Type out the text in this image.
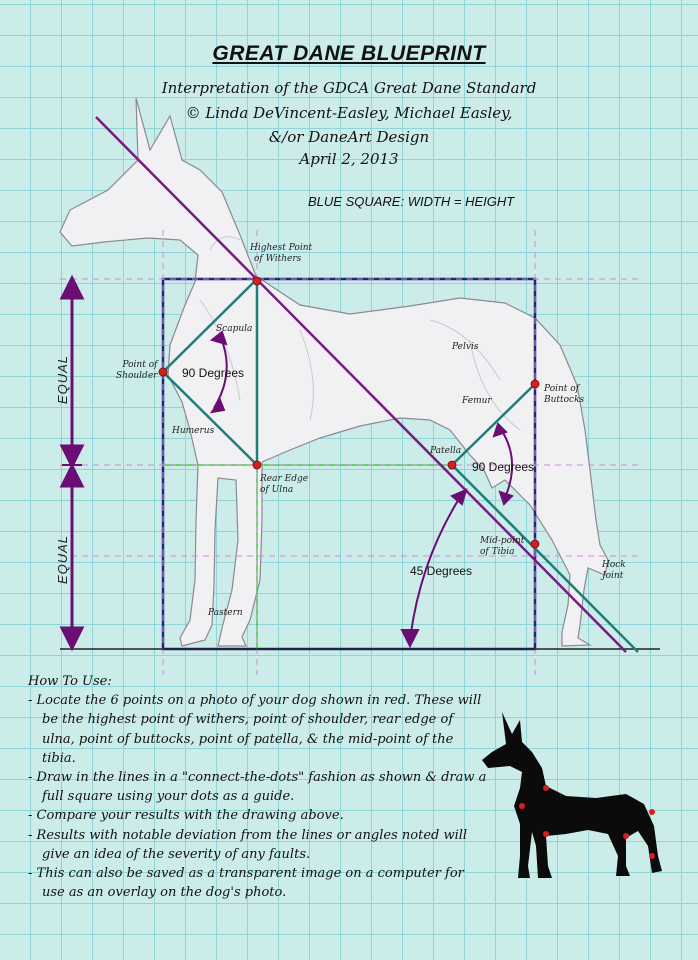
GREAT DANE BLUEPRINT
Interpretation of the GDCA Great Dane Standard
© Linda DeVincent-Easley, Michael Easley,
&/or DaneArt Design
April 2, 2013
BLUE SQUARE: WIDTH = HEIGHT
EQUAL
EQUAL
Highest Point
of Withers
Point of
Shoulder
Rear Edge
of Ulna
Point of
Buttocks
Patella
Mid-point
of Tibia
Scapula
Humerus
Pelvis
Femur
Pastern
Hock
Joint
90 Degrees
90 Degrees
45 Degrees
How To Use:
- Locate the 6 points on a photo of your dog shown in red. These will be the highest point of withers, point of shoulder, rear edge of ulna, point of buttocks, point of patella, & the mid-point of the tibia.
- Draw in the lines in a "connect-the-dots" fashion as shown & draw a full square using your dots as a guide.
- Compare your results with the drawing above.
- Results with notable deviation from the lines or angles noted will give an idea of the severity of any faults.
- This can also be saved as a transparent image on a computer for use as an overlay on the dog's photo.
